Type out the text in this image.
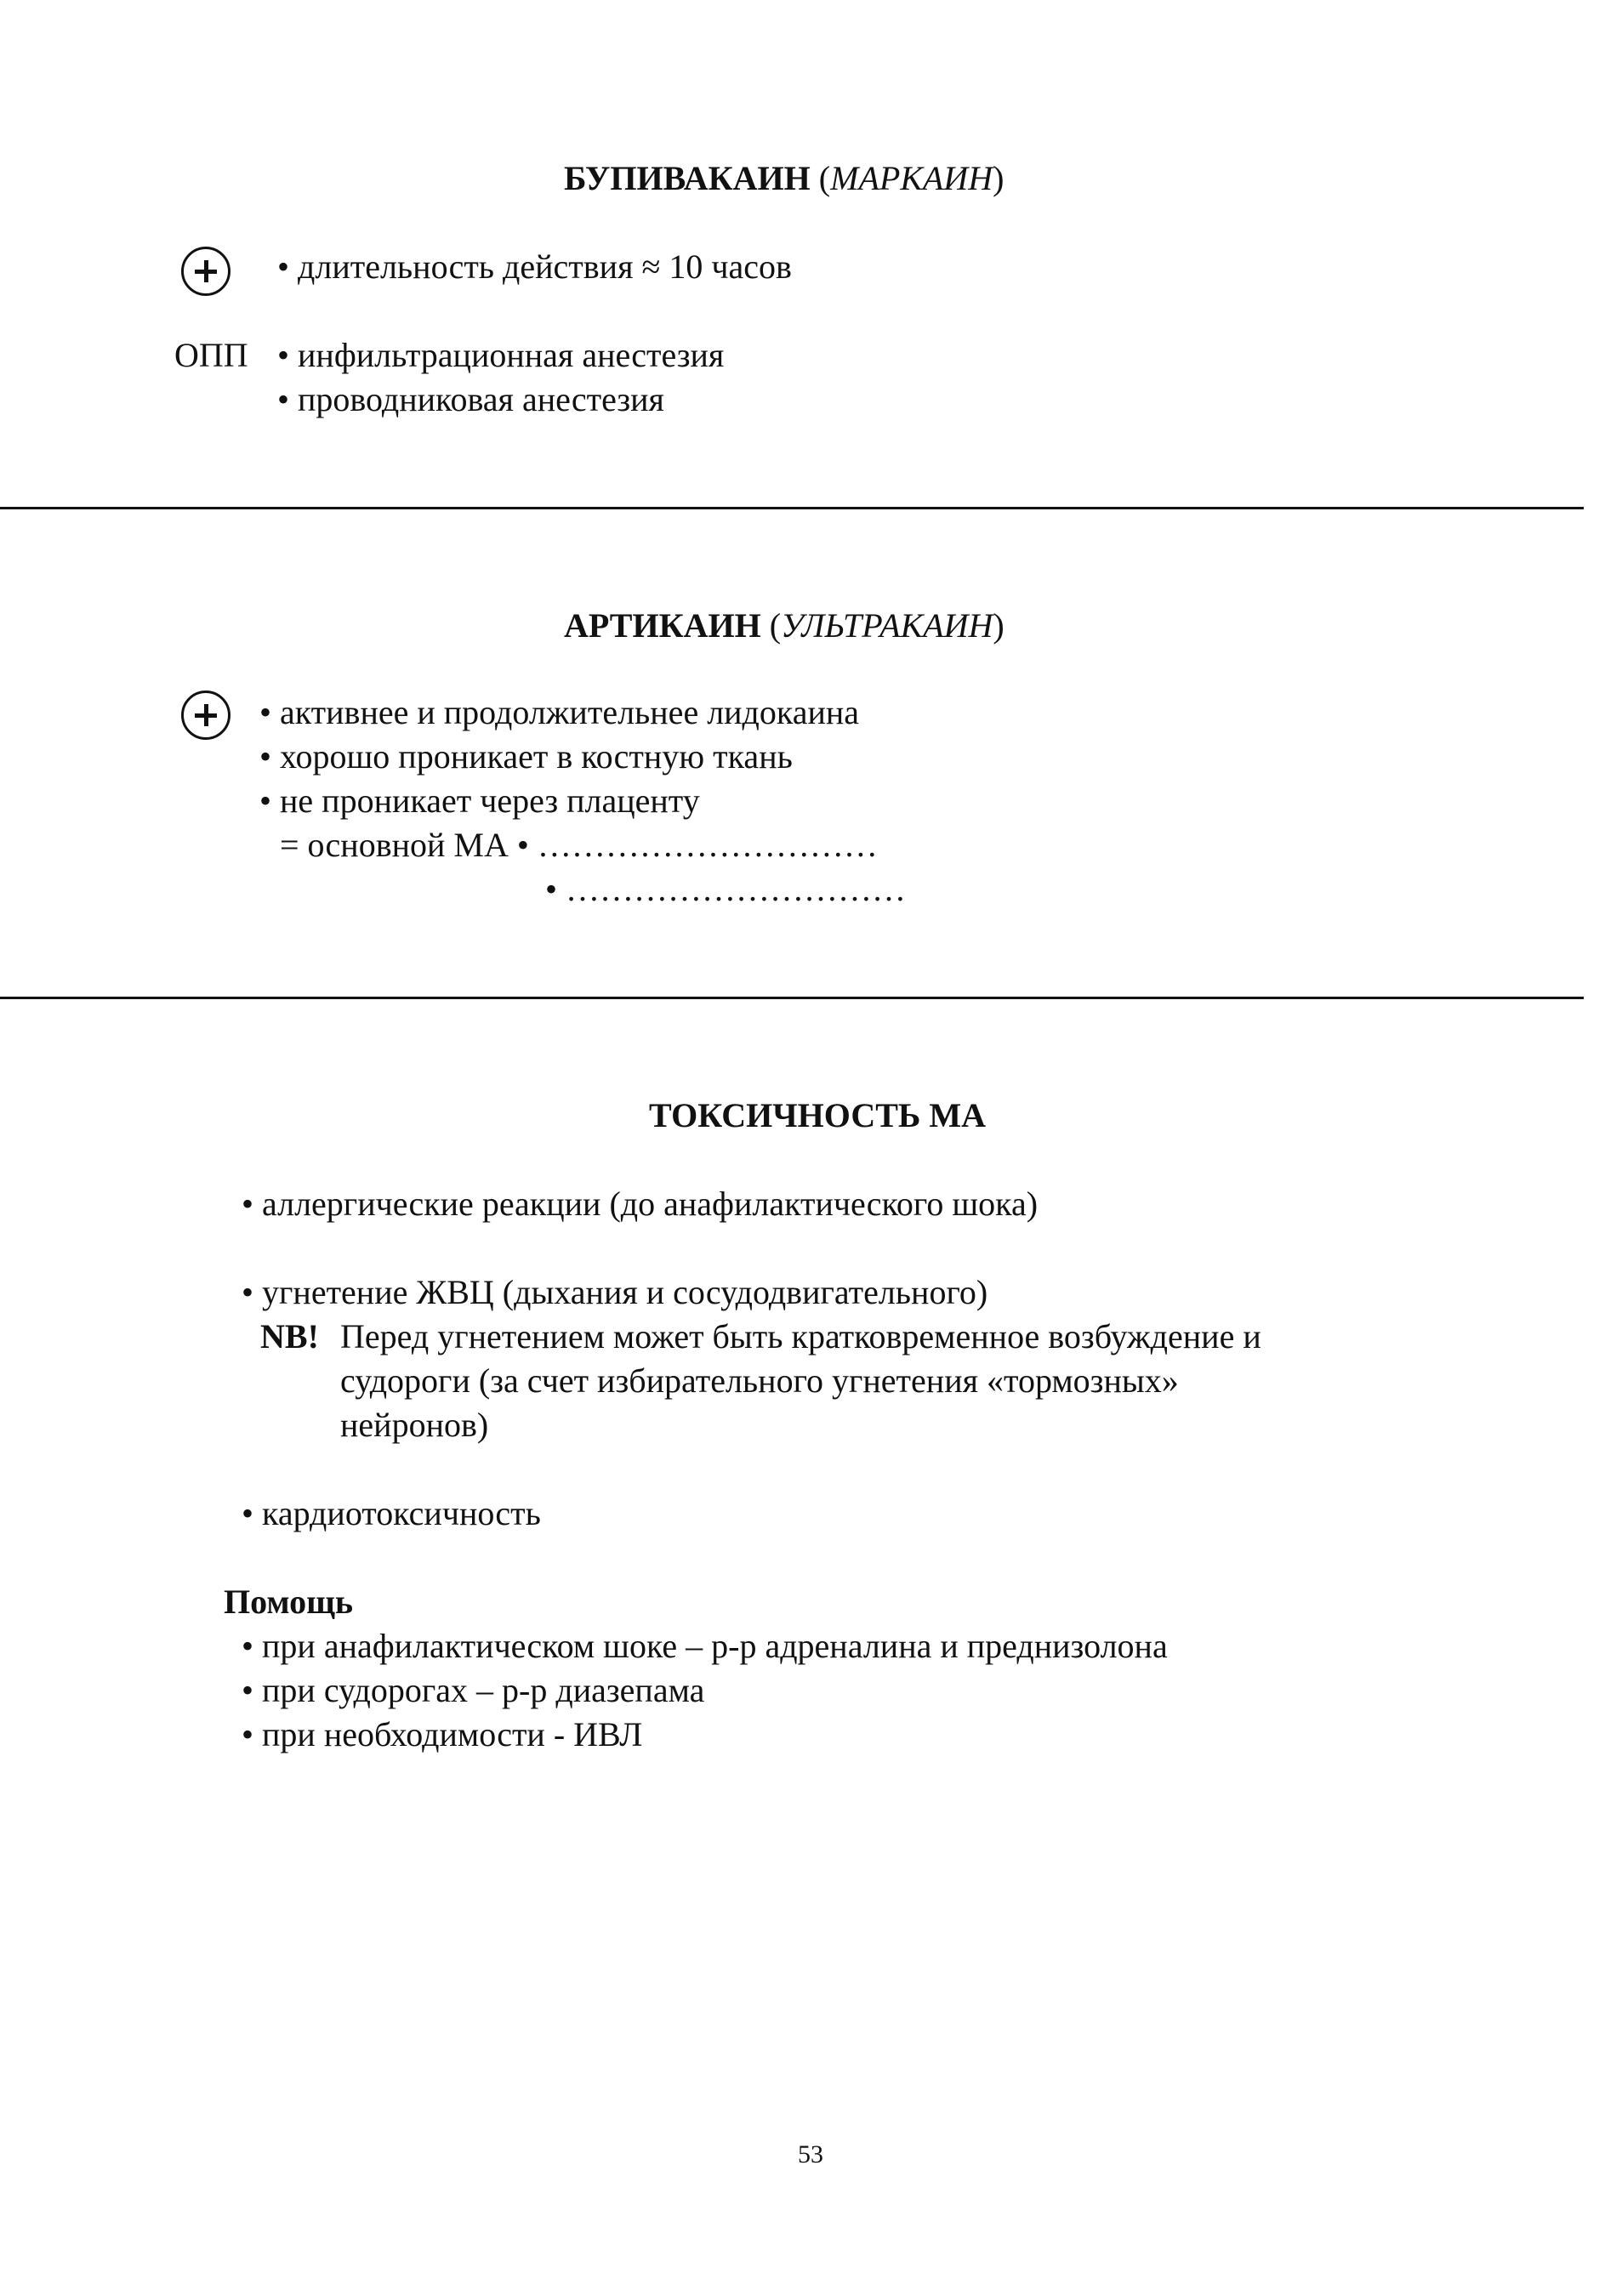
БУПИВАКАИН (МАРКАИН)
• длительность действия ≈ 10 часов
ОПП • инфильтрационная анестезия
• проводниковая анестезия
АРТИКАИН (УЛЬТРАКАИН)
• активнее и продолжительнее лидокаина
• хорошо проникает в костную ткань
• не проникает через плаценту
= основной МА • …………………………
• …………………………
ТОКСИЧНОСТЬ МА
• аллергические реакции (до анафилактического шока)
• угнетение ЖВЦ (дыхания и сосудодвигательного)
NB! Перед угнетением может быть кратковременное возбуждение и
судороги (за счет избирательного угнетения «тормозных»
нейронов)
• кардиотоксичность
Помощь
• при анафилактическом шоке – р-р адреналина и преднизолона
• при судорогах – р-р диазепама
• при необходимости - ИВЛ
53
